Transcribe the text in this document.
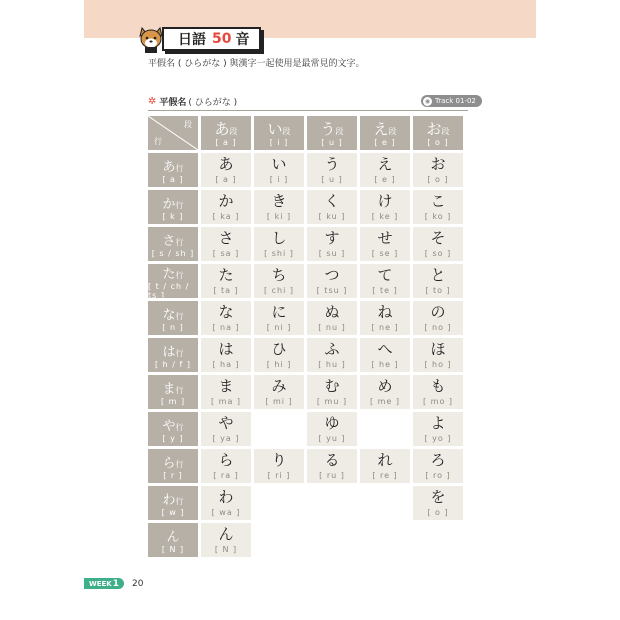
日語 50 音
平假名 ( ひらがな ) 與漢字一起使用是最常見的文字。
✲ 平假名 ( ひらがな )	◉ Track 01-02
段
行
あ段
[ a ]
い段
[ i ]
う段
[ u ]
え段
[ e ]
お段
[ o ]
あ行
[ a ]
あ
[ a ]
い
[ i ]
う
[ u ]
え
[ e ]
お
[ o ]
か行
[ k ]
か
[ ka ]
き
[ ki ]
く
[ ku ]
け
[ ke ]
こ
[ ko ]
さ行
[ s / sh ]
さ
[ sa ]
し
[ shi ]
す
[ su ]
せ
[ se ]
そ
[ so ]
た行
[ t / ch / ts ]
た
[ ta ]
ち
[ chi ]
つ
[ tsu ]
て
[ te ]
と
[ to ]
な行
[ n ]
な
[ na ]
に
[ ni ]
ぬ
[ nu ]
ね
[ ne ]
の
[ no ]
は行
[ h / f ]
は
[ ha ]
ひ
[ hi ]
ふ
[ hu ]
へ
[ he ]
ほ
[ ho ]
ま行
[ m ]
ま
[ ma ]
み
[ mi ]
む
[ mu ]
め
[ me ]
も
[ mo ]
や行
[ y ]
や
[ ya ]
ゆ
[ yu ]
よ
[ yo ]
ら行
[ r ]
ら
[ ra ]
り
[ ri ]
る
[ ru ]
れ
[ re ]
ろ
[ ro ]
わ行
[ w ]
わ
[ wa ]
を
[ o ]
ん
[ N ]
ん
[ N ]
WEEK 1 20
